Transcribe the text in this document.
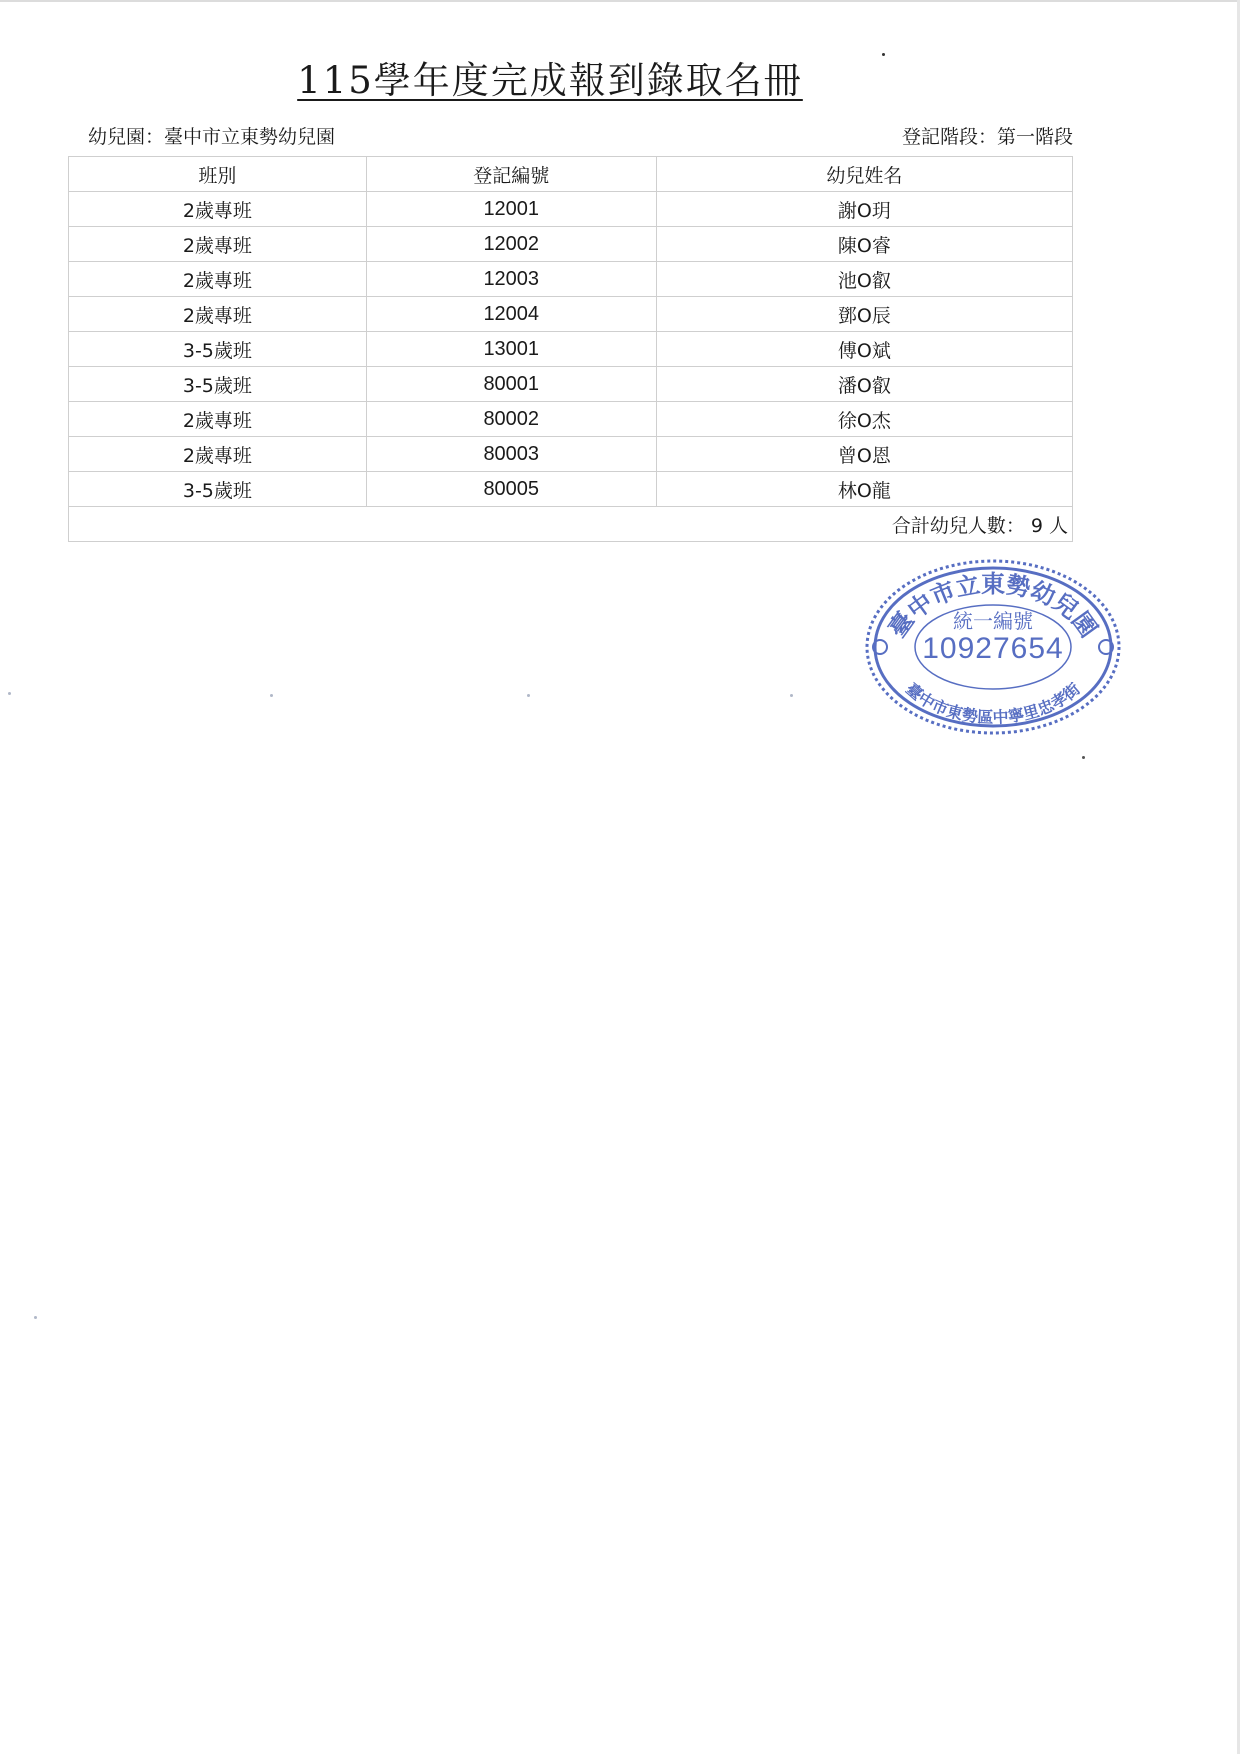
115學年度完成報到錄取名冊
幼兒園：臺中市立東勢幼兒園	登記階段：第一階段
班別	登記編號	幼兒姓名
2歲專班	12001	謝O玥
2歲專班	12002	陳O睿
2歲專班	12003	池O叡
2歲專班	12004	鄧O辰
3-5歲班	13001	傅O斌
3-5歲班	80001	潘O叡
2歲專班	80002	徐O杰
2歲專班	80003	曾O恩
3-5歲班	80005	林O龍
合計幼兒人數： 9 人		
臺中市立東勢幼兒園
臺中市東勢區中寧里忠孝街
統一編號
10927654
